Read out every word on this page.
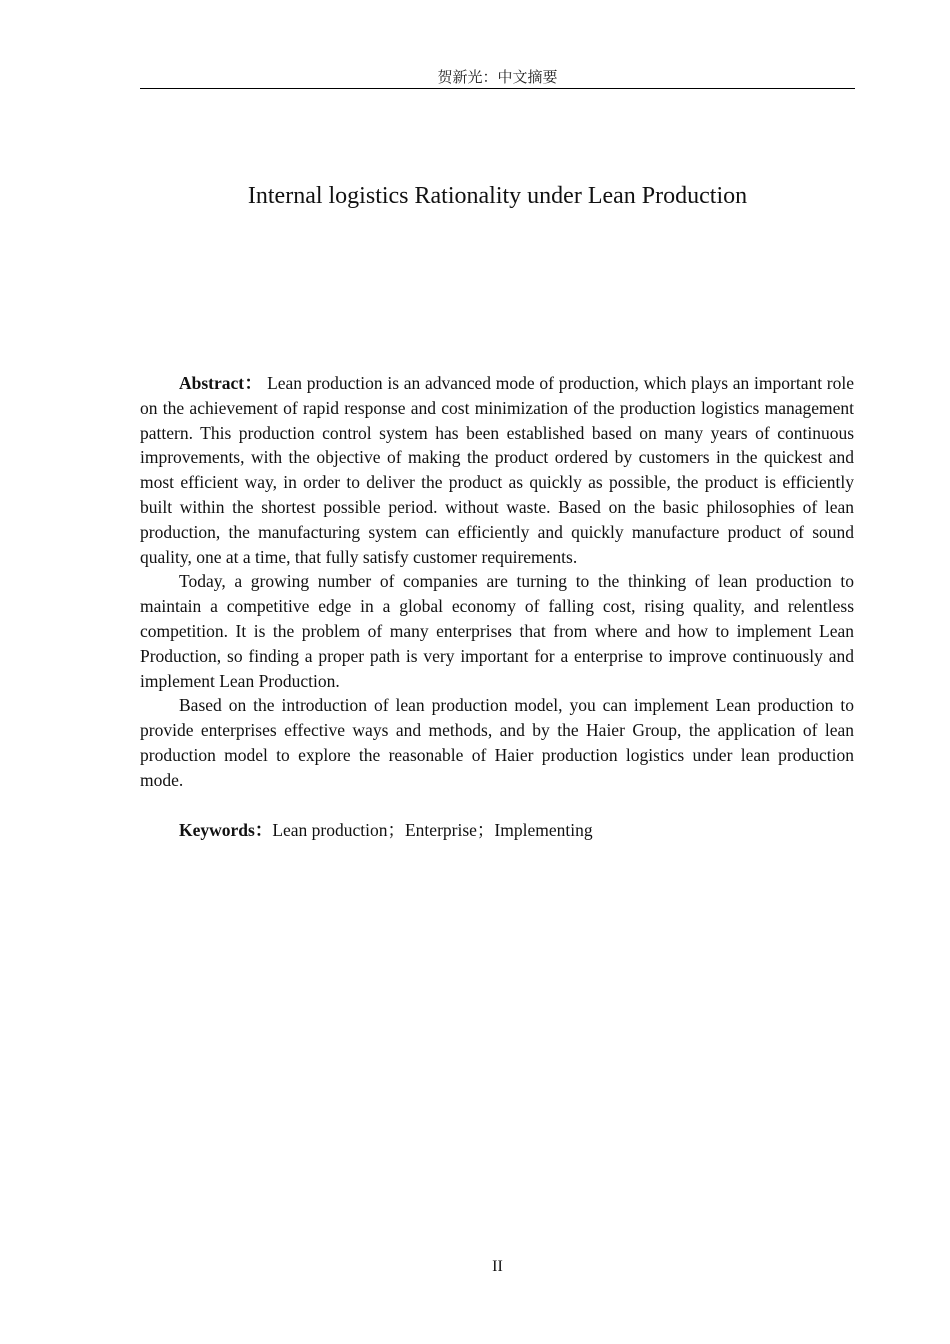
贺新光：中文摘要
Internal logistics Rationality under Lean Production

Abstract： Lean production is an advanced mode of production, which plays an important role on the achievement of rapid response and cost minimization of the production logistics management pattern. This production control system has been established based on many years of continuous improvements, with the objective of making the product ordered by customers in the quickest and most efficient way, in order to deliver the product as quickly as possible, the product is efficiently built within the shortest possible period. without waste. Based on the basic philosophies of lean production, the manufacturing system can efficiently and quickly manufacture product of sound quality, one at a time, that fully satisfy customer requirements.

Today, a growing number of companies are turning to the thinking of lean production to maintain a competitive edge in a global economy of falling cost, rising quality, and relentless competition. It is the problem of many enterprises that from where and how to implement Lean Production, so finding a proper path is very important for a enterprise to improve continuously and implement Lean Production.

Based on the introduction of lean production model, you can implement Lean production to provide enterprises effective ways and methods, and by the Haier Group, the application of lean production model to explore the reasonable of Haier production logistics under lean production mode.

Keywords：Lean production；Enterprise；Implementing

II
